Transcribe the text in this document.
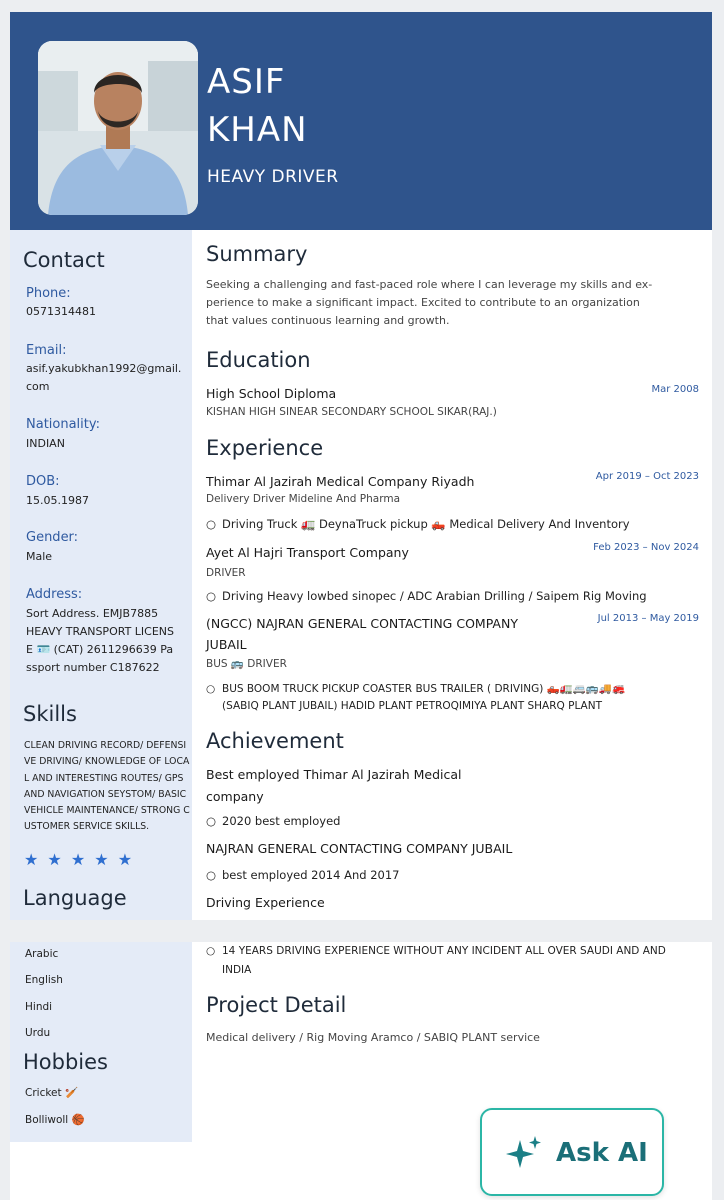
ASIF
KHAN
HEAVY DRIVER
Contact
Phone:
0571314481
Email:
asif.yakubkhan1992@gmail.
com
Nationality:
INDIAN
DOB:
15.05.1987
Gender:
Male
Address:
Sort Address. EMJB7885
HEAVY TRANSPORT LICENS
E 🪪 (CAT) 2611296639 Pa
ssport number C187622
Skills
CLEAN DRIVING RECORD/ DEFENSIVE DRIVING/ KNOWLEDGE OF LOCAL AND INTERESTING ROUTES/ GPS AND NAVIGATION SEYSTOM/ BASIC VEHICLE MAINTENANCE/ STRONG CUSTOMER SERVICE SKILLS.
★ ★ ★ ★ ★
Language
Arabic
English
Hindi
Urdu
Hobbies
Cricket 🏏
Bolliwoll 🏀
Summary
Seeking a challenging and fast-paced role where I can leverage my skills and ex-
perience to make a significant impact. Excited to contribute to an organization
that values continuous learning and growth.
Education
High School Diploma	Mar 2008
KISHAN HIGH SINEAR SECONDARY SCHOOL SIKAR(RAJ.)
Experience
Thimar Al Jazirah Medical Company Riyadh	Apr 2019 – Oct 2023
Delivery Driver Mideline And Pharma
○ Driving Truck 🚛 DeynaTruck pickup 🛻 Medical Delivery And Inventory
Ayet Al Hajri Transport Company	Feb 2023 – Nov 2024
DRIVER
○ Driving Heavy lowbed sinopec / ADC Arabian Drilling / Saipem Rig Moving
(NGCC) NAJRAN GENERAL CONTACTING COMPANY	Jul 2013 – May 2019
JUBAIL
BUS 🚌 DRIVER
○ BUS BOOM TRUCK PICKUP COASTER BUS TRAILER ( DRIVING) 🛻🚛🚐🚌🚚🚒
(SABIQ PLANT JUBAIL) HADID PLANT PETROQIMIYA PLANT SHARQ PLANT
Achievement
Best employed Thimar Al Jazirah Medical
company
○ 2020 best employed
NAJRAN GENERAL CONTACTING COMPANY JUBAIL
○ best employed 2014 And 2017
Driving Experience
○ 14 YEARS DRIVING EXPERIENCE WITHOUT ANY INCIDENT ALL OVER SAUDI AND AND
INDIA
Project Detail
Medical delivery / Rig Moving Aramco / SABIQ PLANT service
Ask AI
